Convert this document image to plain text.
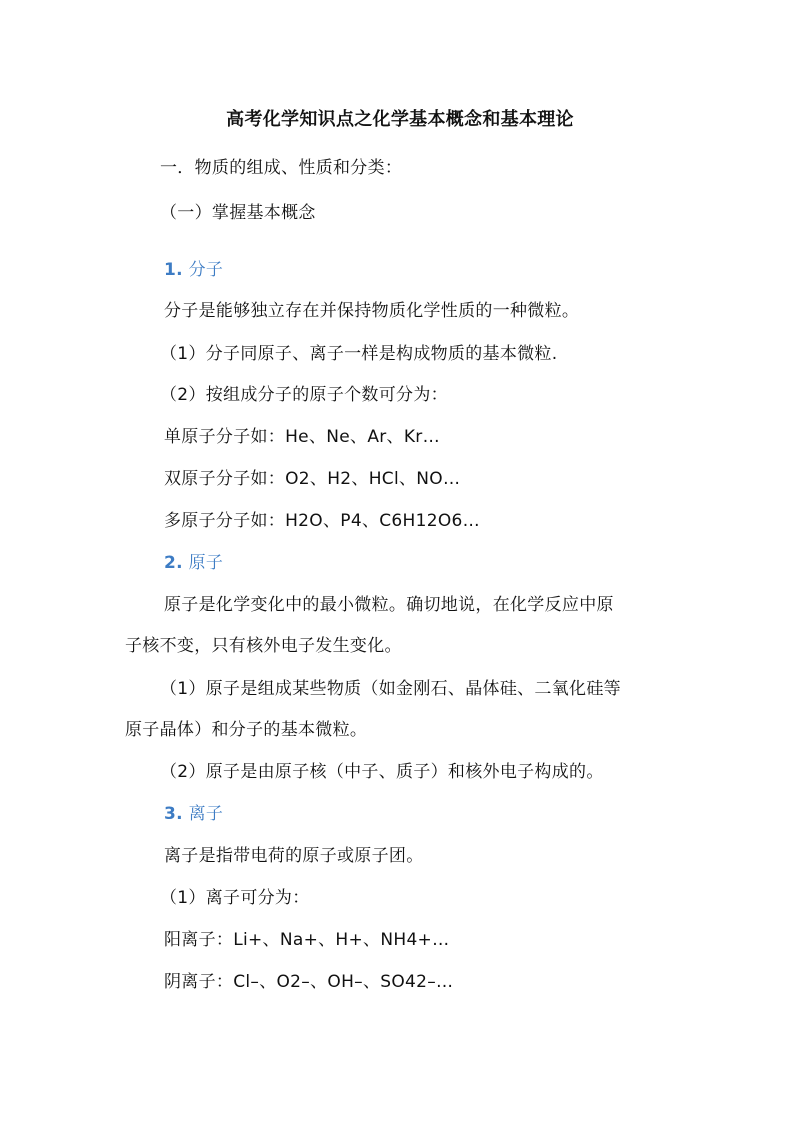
高考化学知识点之化学基本概念和基本理论
一．物质的组成、性质和分类：
（一）掌握基本概念
1. 分子
分子是能够独立存在并保持物质化学性质的一种微粒。
（1）分子同原子、离子一样是构成物质的基本微粒.
（2）按组成分子的原子个数可分为：
单原子分子如：He、Ne、Ar、Kr…
双原子分子如：O2、H2、HCl、NO…
多原子分子如：H2O、P4、C6H12O6…
2. 原子
原子是化学变化中的最小微粒。确切地说，在化学反应中原
子核不变，只有核外电子发生变化。
（1）原子是组成某些物质（如金刚石、晶体硅、二氧化硅等
原子晶体）和分子的基本微粒。
（2）原子是由原子核（中子、质子）和核外电子构成的。
3. 离子
离子是指带电荷的原子或原子团。
（1）离子可分为：
阳离子：Li+、Na+、H+、NH4+…
阴离子：Cl–、O2–、OH–、SO42–…
